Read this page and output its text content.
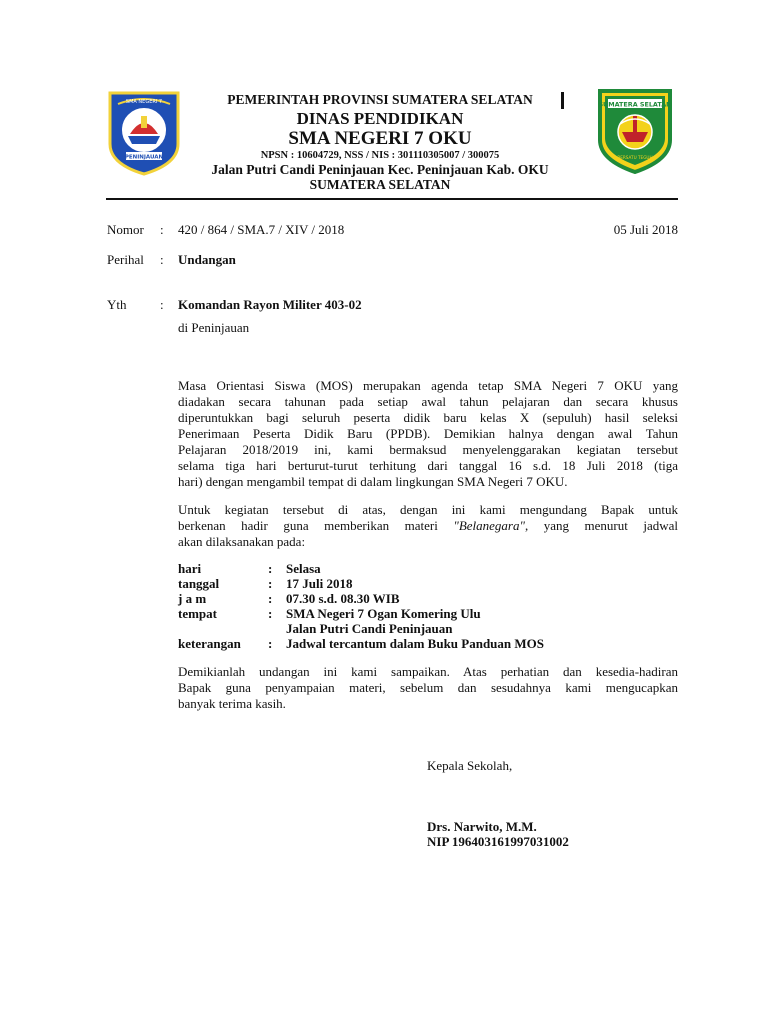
SMA NEGERI 7
PENINJAUAN
SUMATERA SELATAN
BERSATU TEGUH
PEMERINTAH PROVINSI SUMATERA SELATAN
DINAS PENDIDIKAN
SMA NEGERI 7 OKU
NPSN : 10604729, NSS / NIS : 301110305007 / 300075
Jalan Putri Candi Peninjauan Kec. Peninjauan Kab. OKU
SUMATERA SELATAN
Nomor : 420 / 864 / SMA.7 / XIV / 2018	05 Juli 2018
Perihal : Undangan
Yth	: Komandan Rayon Militer 403-02
di Peninjauan
Masa Orientasi Siswa (MOS) merupakan agenda tetap SMA Negeri 7 OKU yang
diadakan secara tahunan pada setiap awal tahun pelajaran dan secara khusus
diperuntukkan bagi seluruh peserta didik baru kelas X (sepuluh) hasil seleksi
Penerimaan Peserta Didik Baru (PPDB). Demikian halnya dengan awal Tahun
Pelajaran 2018/2019 ini, kami bermaksud menyelenggarakan kegiatan tersebut
selama tiga hari berturut-turut terhitung dari tanggal 16 s.d. 18 Juli 2018 (tiga
hari) dengan mengambil tempat di dalam lingkungan SMA Negeri 7 OKU.
Untuk kegiatan tersebut di atas, dengan ini kami mengundang Bapak untuk
berkenan hadir guna memberikan materi "Belanegara", yang menurut jadwal
akan dilaksanakan pada:
hari	: Selasa
tanggal	: 17 Juli 2018
j a m	: 07.30 s.d. 08.30 WIB
tempat	: SMA Negeri 7 Ogan Komering Ulu
Jalan Putri Candi Peninjauan
keterangan : Jadwal tercantum dalam Buku Panduan MOS
Demikianlah undangan ini kami sampaikan. Atas perhatian dan kesedia-hadiran
Bapak guna penyampaian materi, sebelum dan sesudahnya kami mengucapkan
banyak terima kasih.
Kepala Sekolah,
Drs. Narwito, M.M.
NIP 196403161997031002
